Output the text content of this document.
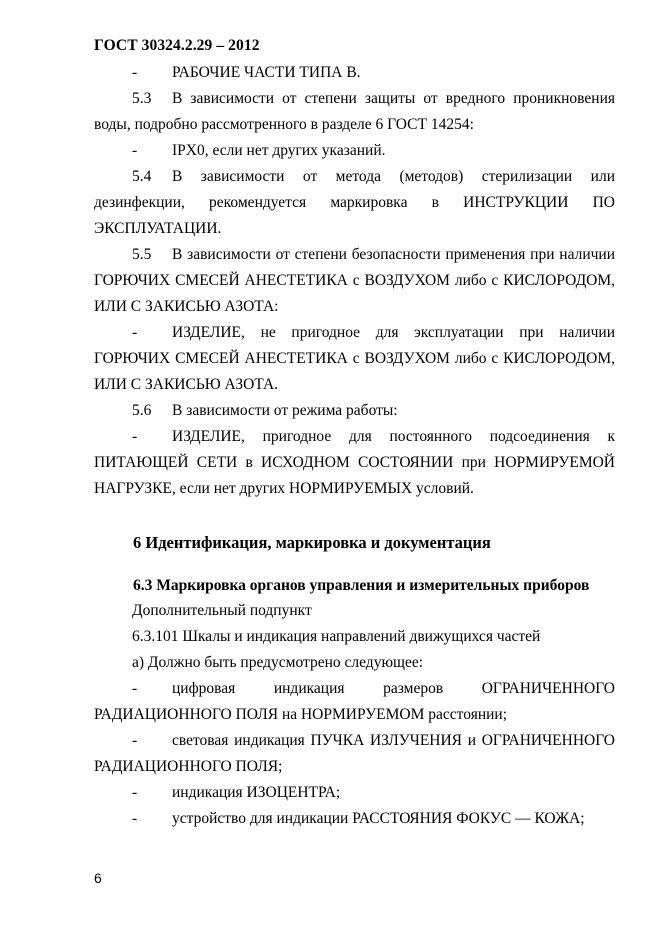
ГОСТ 30324.2.29 – 2012
- РАБОЧИЕ ЧАСТИ ТИПА В.
5.3 В зависимости от степени защиты от вредного проникновения
воды, подробно рассмотренного в разделе 6 ГОСТ 14254:
- IPX0, если нет других указаний.
5.4 В зависимости от метода (методов) стерилизации или
дезинфекции, рекомендуется маркировка в ИНСТРУКЦИИ ПО
ЭКСПЛУАТАЦИИ.
5.5 В зависимости от степени безопасности применения при наличии
ГОРЮЧИХ СМЕСЕЙ АНЕСТЕТИКА с ВОЗДУХОМ либо с КИСЛОРОДОМ,
ИЛИ С ЗАКИСЬЮ АЗОТА:
- ИЗДЕЛИЕ, не пригодное для эксплуатации при наличии
ГОРЮЧИХ СМЕСЕЙ АНЕСТЕТИКА с ВОЗДУХОМ либо с КИСЛОРОДОМ,
ИЛИ С ЗАКИСЬЮ АЗОТА.
5.6 В зависимости от режима работы:
- ИЗДЕЛИЕ, пригодное для постоянного подсоединения к
ПИТАЮЩЕЙ СЕТИ в ИСХОДНОМ СОСТОЯНИИ при НОРМИРУЕМОЙ
НАГРУЗКЕ, если нет других НОРМИРУЕМЫХ условий.
6 Идентификация, маркировка и документация
6.3 Маркировка органов управления и измерительных приборов
Дополнительный подпункт
6.3.101 Шкалы и индикация направлений движущихся частей
а) Должно быть предусмотрено следующее:
- цифровая индикация размеров ОГРАНИЧЕННОГО
РАДИАЦИОННОГО ПОЛЯ на НОРМИРУЕМОМ расстоянии;
- световая индикация ПУЧКА ИЗЛУЧЕНИЯ и ОГРАНИЧЕННОГО
РАДИАЦИОННОГО ПОЛЯ;
- индикация ИЗОЦЕНТРА;
- устройство для индикации РАССТОЯНИЯ ФОКУС — КОЖА;
6
